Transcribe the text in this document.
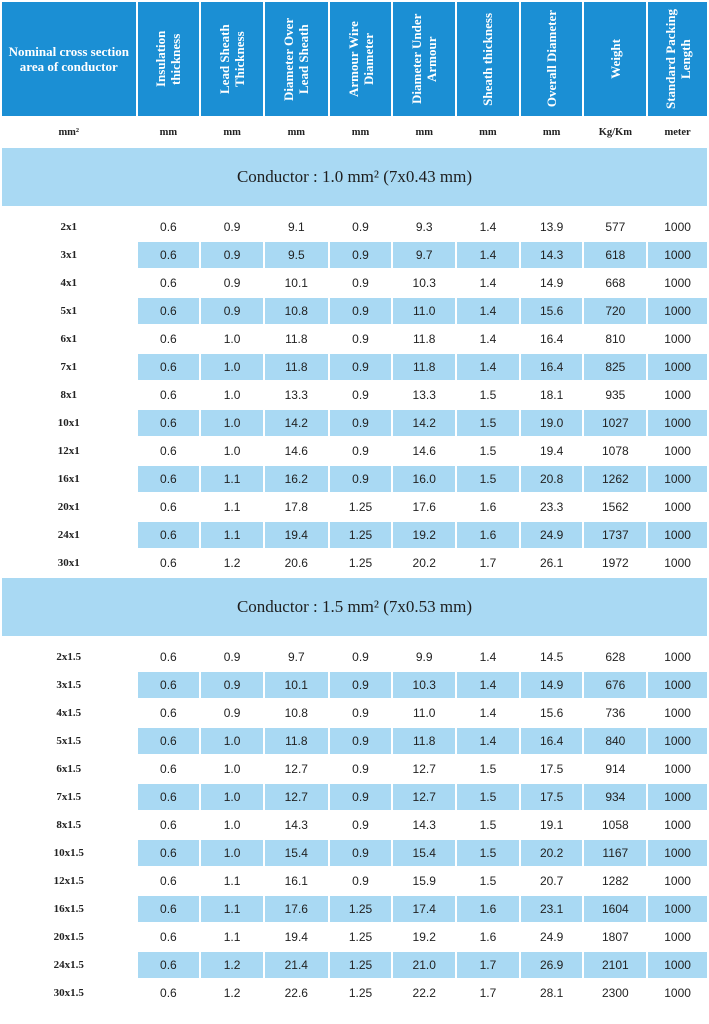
Nominal cross section area of conductor	Insulation thickness	Lead Sheath Thickness	Diameter Over Lead Sheath	Armour Wire Diameter	Diameter Under Armour	Sheath thickness	Overall Diameter	Weight	Standard Packing Length

mm²	mm	mm	mm	mm	mm	mm	mm	Kg/Km	meter
Conductor : 1.0 mm² (7x0.43 mm)									

2x1	0.6	0.9	9.1	0.9	9.3	1.4	13.9	577	1000
3x1	0.6	0.9	9.5	0.9	9.7	1.4	14.3	618	1000
4x1	0.6	0.9	10.1	0.9	10.3	1.4	14.9	668	1000
5x1	0.6	0.9	10.8	0.9	11.0	1.4	15.6	720	1000
6x1	0.6	1.0	11.8	0.9	11.8	1.4	16.4	810	1000
7x1	0.6	1.0	11.8	0.9	11.8	1.4	16.4	825	1000
8x1	0.6	1.0	13.3	0.9	13.3	1.5	18.1	935	1000
10x1	0.6	1.0	14.2	0.9	14.2	1.5	19.0	1027	1000
12x1	0.6	1.0	14.6	0.9	14.6	1.5	19.4	1078	1000
16x1	0.6	1.1	16.2	0.9	16.0	1.5	20.8	1262	1000
20x1	0.6	1.1	17.8	1.25	17.6	1.6	23.3	1562	1000
24x1	0.6	1.1	19.4	1.25	19.2	1.6	24.9	1737	1000
30x1	0.6	1.2	20.6	1.25	20.2	1.7	26.1	1972	1000
Conductor : 1.5 mm² (7x0.53 mm)									

2x1.5	0.6	0.9	9.7	0.9	9.9	1.4	14.5	628	1000
3x1.5	0.6	0.9	10.1	0.9	10.3	1.4	14.9	676	1000
4x1.5	0.6	0.9	10.8	0.9	11.0	1.4	15.6	736	1000
5x1.5	0.6	1.0	11.8	0.9	11.8	1.4	16.4	840	1000
6x1.5	0.6	1.0	12.7	0.9	12.7	1.5	17.5	914	1000
7x1.5	0.6	1.0	12.7	0.9	12.7	1.5	17.5	934	1000
8x1.5	0.6	1.0	14.3	0.9	14.3	1.5	19.1	1058	1000
10x1.5	0.6	1.0	15.4	0.9	15.4	1.5	20.2	1167	1000
12x1.5	0.6	1.1	16.1	0.9	15.9	1.5	20.7	1282	1000
16x1.5	0.6	1.1	17.6	1.25	17.4	1.6	23.1	1604	1000
20x1.5	0.6	1.1	19.4	1.25	19.2	1.6	24.9	1807	1000
24x1.5	0.6	1.2	21.4	1.25	21.0	1.7	26.9	2101	1000
30x1.5	0.6	1.2	22.6	1.25	22.2	1.7	28.1	2300	1000
